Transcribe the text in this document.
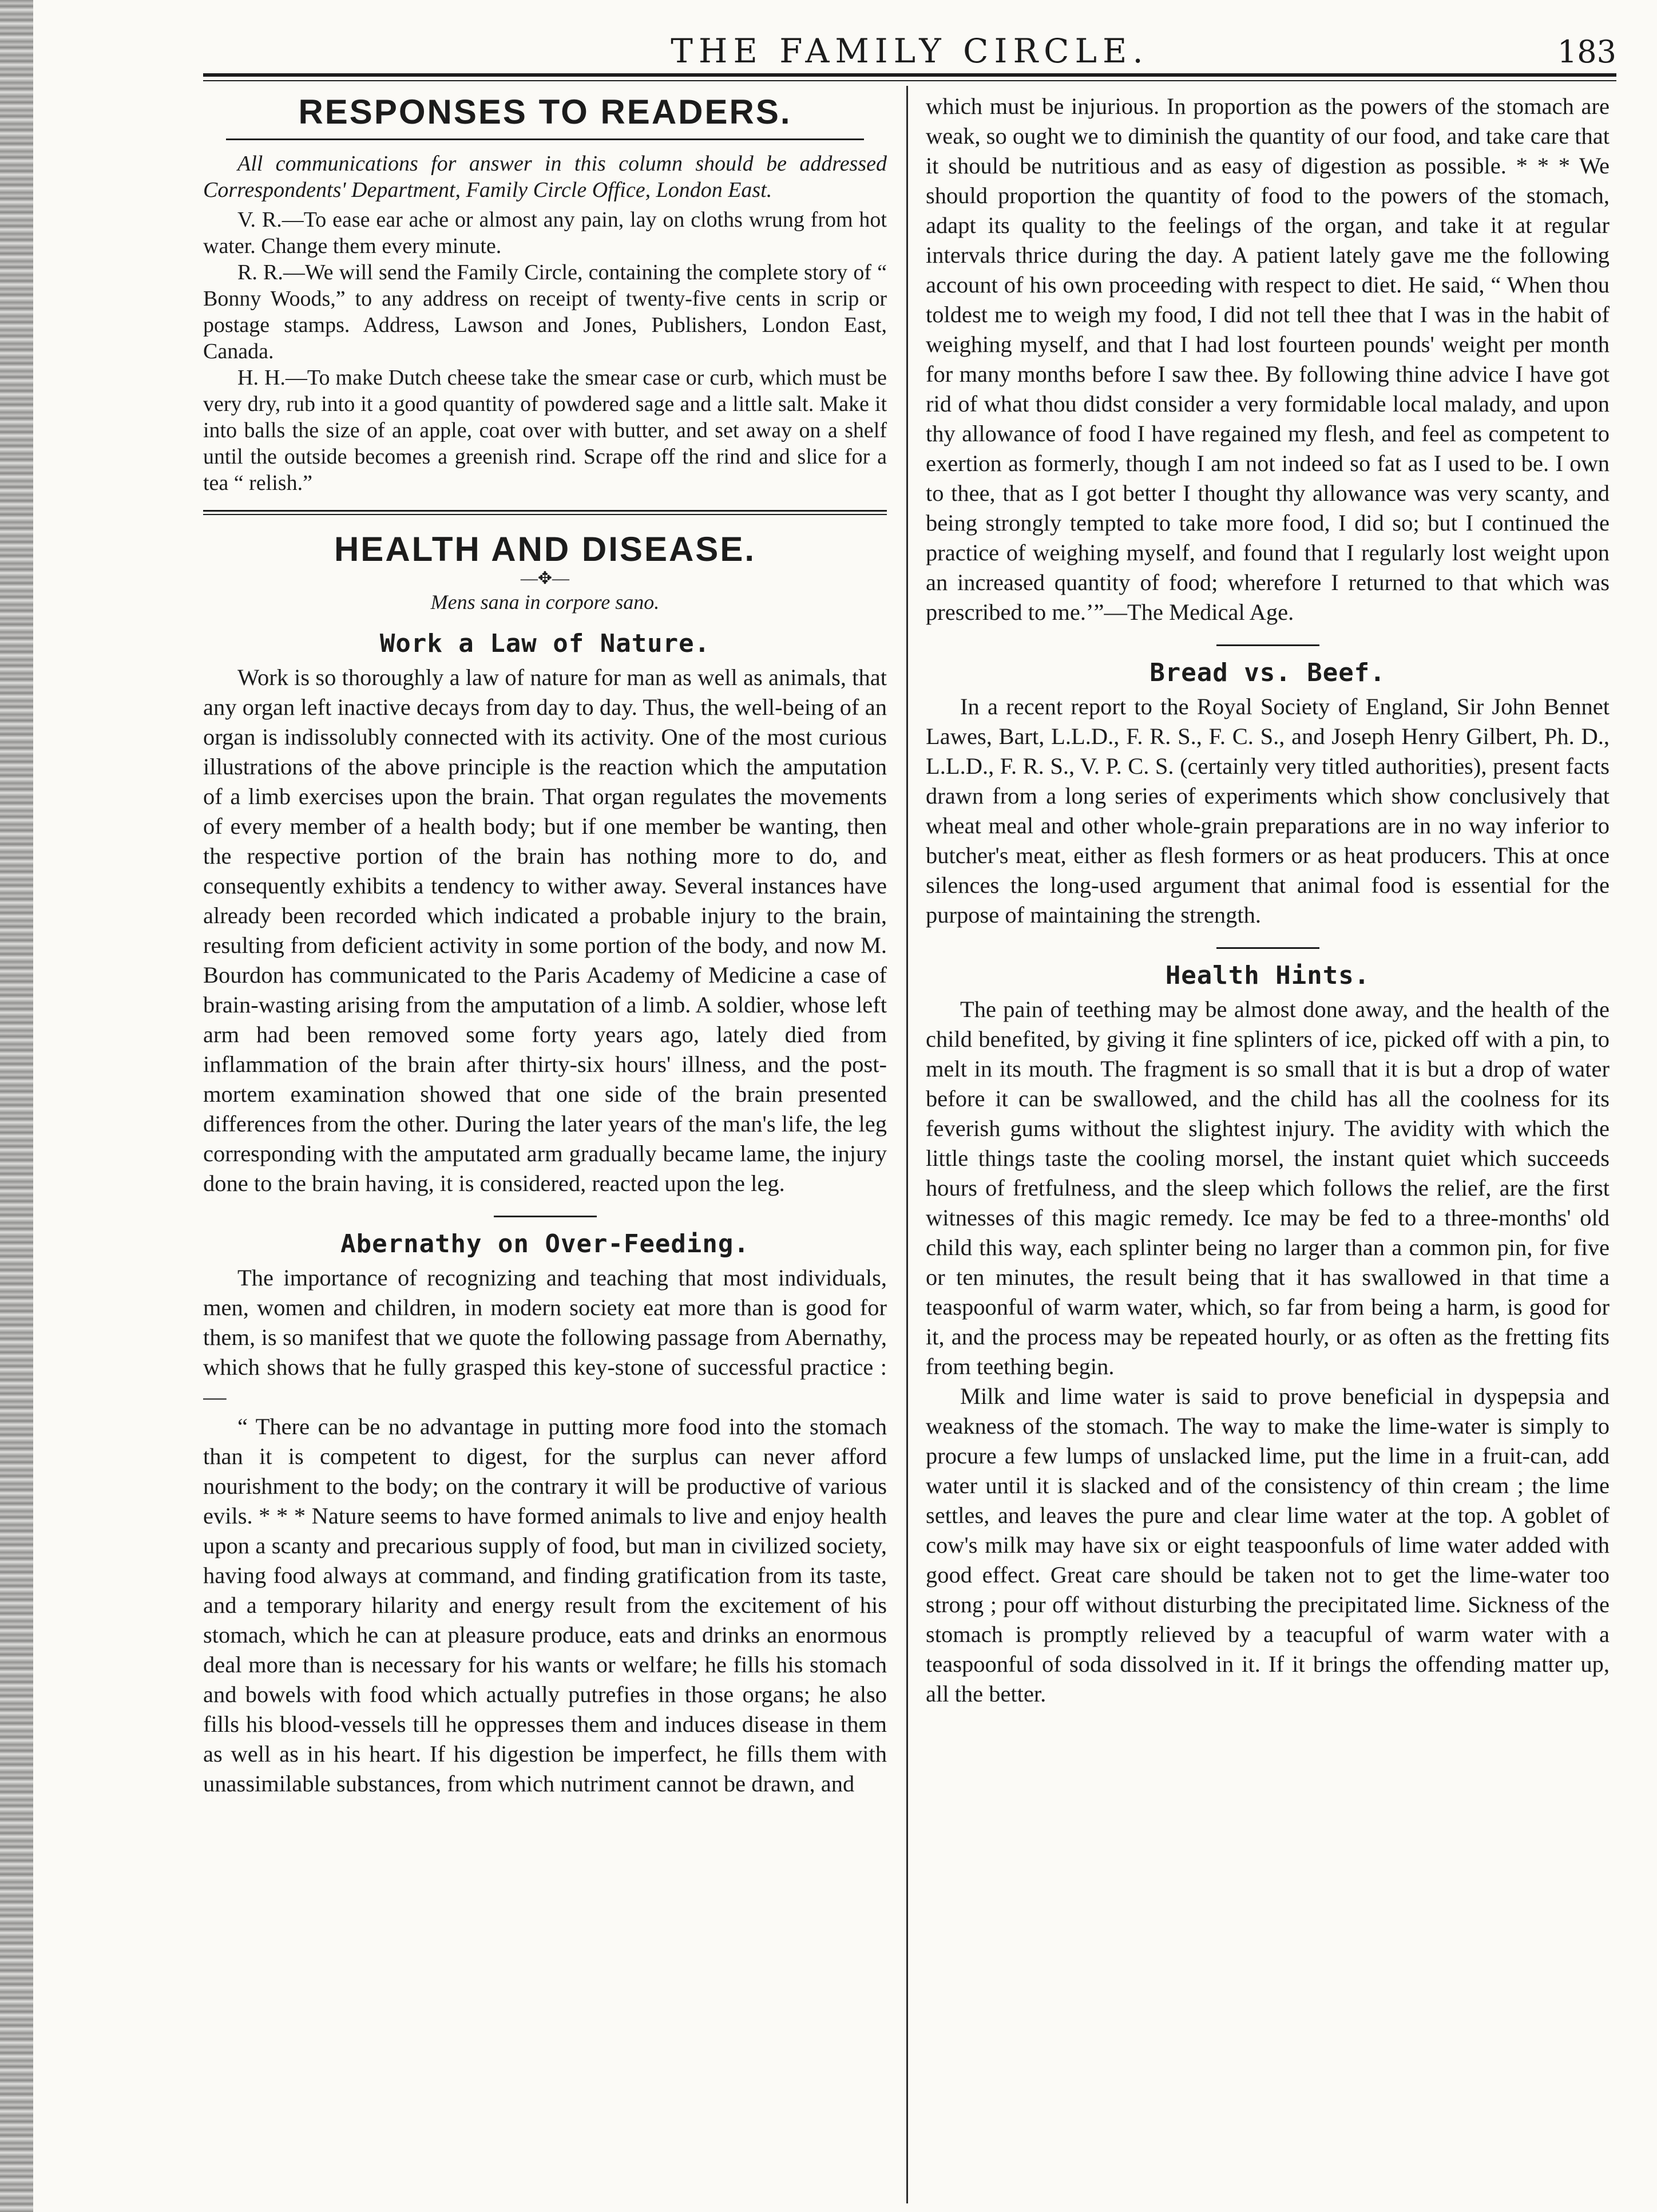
THE FAMILY CIRCLE.	183
RESPONSES TO READERS.

All communications for answer in this column should be addressed Correspondents' Department, Family Circle Office, London East.

V. R.—To ease ear ache or almost any pain, lay on cloths wrung from hot water. Change them every minute.

R. R.—We will send the Family Circle, containing the complete story of “ Bonny Woods,” to any address on receipt of twenty-five cents in scrip or postage stamps. Address, Lawson and Jones, Publishers, London East, Canada.

H. H.—To make Dutch cheese take the smear case or curb, which must be very dry, rub into it a good quantity of powdered sage and a little salt. Make it into balls the size of an apple, coat over with butter, and set away on a shelf until the outside becomes a greenish rind. Scrape off the rind and slice for a tea “ relish.”

HEALTH AND DISEASE.
—✥—
Mens sana in corpore sano.
Work a Law of Nature.

Work is so thoroughly a law of nature for man as well as animals, that any organ left inactive decays from day to day. Thus, the well-being of an organ is indissolubly connected with its activity. One of the most curious illustrations of the above principle is the reaction which the amputation of a limb exercises upon the brain. That organ regulates the movements of every member of a health body; but if one member be wanting, then the respective portion of the brain has nothing more to do, and consequently exhibits a tendency to wither away. Several instances have already been recorded which indicated a probable injury to the brain, resulting from deficient activity in some portion of the body, and now M. Bourdon has communicated to the Paris Academy of Medicine a case of brain-wasting arising from the amputation of a limb. A soldier, whose left arm had been removed some forty years ago, lately died from inflammation of the brain after thirty-six hours' illness, and the post-mortem examination showed that one side of the brain presented differences from the other. During the later years of the man's life, the leg corresponding with the amputated arm gradually became lame, the injury done to the brain having, it is considered, reacted upon the leg.

Abernathy on Over-Feeding.

The importance of recognizing and teaching that most individuals, men, women and children, in modern society eat more than is good for them, is so manifest that we quote the following passage from Abernathy, which shows that he fully grasped this key-stone of successful practice :—

“ There can be no advantage in putting more food into the stomach than it is competent to digest, for the surplus can never afford nourishment to the body; on the contrary it will be productive of various evils. * * * Nature seems to have formed animals to live and enjoy health upon a scanty and precarious supply of food, but man in civilized society, having food always at command, and finding gratification from its taste, and a temporary hilarity and energy result from the excitement of his stomach, which he can at pleasure produce, eats and drinks an enormous deal more than is necessary for his wants or welfare; he fills his stomach and bowels with food which actually putrefies in those organs; he also fills his blood-vessels till he oppresses them and induces disease in them as well as in his heart. If his digestion be imperfect, he fills them with unassimilable substances, from which nutriment cannot be drawn, and

which must be injurious. In proportion as the powers of the stomach are weak, so ought we to diminish the quantity of our food, and take care that it should be nutritious and as easy of digestion as possible. * * * We should proportion the quantity of food to the powers of the stomach, adapt its quality to the feelings of the organ, and take it at regular intervals thrice during the day. A patient lately gave me the following account of his own proceeding with respect to diet. He said, “ When thou toldest me to weigh my food, I did not tell thee that I was in the habit of weighing myself, and that I had lost fourteen pounds' weight per month for many months before I saw thee. By following thine advice I have got rid of what thou didst consider a very formidable local malady, and upon thy allowance of food I have regained my flesh, and feel as competent to exertion as formerly, though I am not indeed so fat as I used to be. I own to thee, that as I got better I thought thy allowance was very scanty, and being strongly tempted to take more food, I did so; but I continued the practice of weighing myself, and found that I regularly lost weight upon an increased quantity of food; wherefore I returned to that which was prescribed to me.’”—The Medical Age.

Bread vs. Beef.

In a recent report to the Royal Society of England, Sir John Bennet Lawes, Bart, L.L.D., F. R. S., F. C. S., and Joseph Henry Gilbert, Ph. D., L.L.D., F. R. S., V. P. C. S. (certainly very titled authorities), present facts drawn from a long series of experiments which show conclusively that wheat meal and other whole-grain preparations are in no way inferior to butcher's meat, either as flesh formers or as heat producers. This at once silences the long-used argument that animal food is essential for the purpose of maintaining the strength.

Health Hints.

The pain of teething may be almost done away, and the health of the child benefited, by giving it fine splinters of ice, picked off with a pin, to melt in its mouth. The fragment is so small that it is but a drop of water before it can be swallowed, and the child has all the coolness for its feverish gums without the slightest injury. The avidity with which the little things taste the cooling morsel, the instant quiet which succeeds hours of fretfulness, and the sleep which follows the relief, are the first witnesses of this magic remedy. Ice may be fed to a three-months' old child this way, each splinter being no larger than a common pin, for five or ten minutes, the result being that it has swallowed in that time a teaspoonful of warm water, which, so far from being a harm, is good for it, and the process may be repeated hourly, or as often as the fretting fits from teething begin.

Milk and lime water is said to prove beneficial in dyspepsia and weakness of the stomach. The way to make the lime-water is simply to procure a few lumps of unslacked lime, put the lime in a fruit-can, add water until it is slacked and of the consistency of thin cream ; the lime settles, and leaves the pure and clear lime water at the top. A goblet of cow's milk may have six or eight teaspoonfuls of lime water added with good effect. Great care should be taken not to get the lime-water too strong ; pour off without disturbing the precipitated lime. Sickness of the stomach is promptly relieved by a teacupful of warm water with a teaspoonful of soda dissolved in it. If it brings the offending matter up, all the better.
